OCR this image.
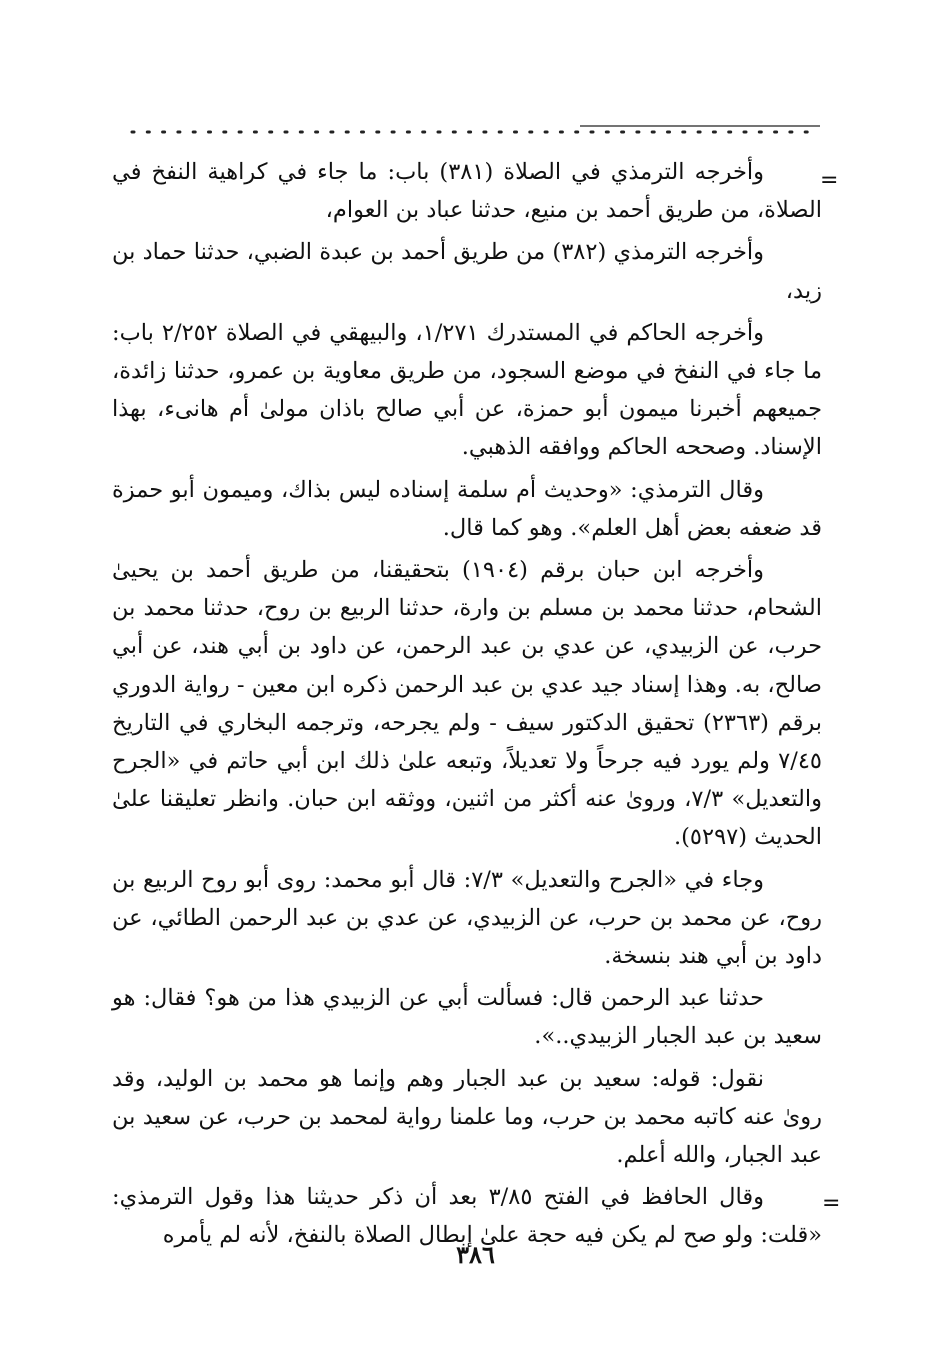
=

وأخرجه الترمذي في الصلاة (٣٨١) باب: ما جاء في كراهية النفخ في الصلاة، من طريق أحمد بن منيع، حدثنا عباد بن العوام،

وأخرجه الترمذي (٣٨٢) من طريق أحمد بن عبدة الضبي، حدثنا حماد بن زيد،

وأخرجه الحاكم في المستدرك ١/٢٧١، والبيهقي في الصلاة ٢/٢٥٢ باب: ما جاء في النفخ في موضع السجود، من طريق معاوية بن عمرو، حدثنا زائدة، جميعهم أخبرنا ميمون أبو حمزة، عن أبي صالح باذان مولىٰ أم هانىء، بهذا الإسناد. وصححه الحاكم ووافقه الذهبي.

وقال الترمذي: «وحديث أم سلمة إسناده ليس بذاك، وميمون أبو حمزة قد ضعفه بعض أهل العلم». وهو كما قال.

وأخرجه ابن حبان برقم (١٩٠٤) بتحقيقنا، من طريق أحمد بن يحيىٰ الشحام، حدثنا محمد بن مسلم بن وارة، حدثنا الربيع بن روح، حدثنا محمد بن حرب، عن الزبيدي، عن عدي بن عبد الرحمن، عن داود بن أبي هند، عن أبي صالح، به. وهذا إسناد جيد عدي بن عبد الرحمن ذكره ابن معين - رواية الدوري برقم (٢٣٦٣) تحقيق الدكتور سيف - ولم يجرحه، وترجمه البخاري في التاريخ ٧/٤٥ ولم يورد فيه جرحاً ولا تعديلاً، وتبعه علىٰ ذلك ابن أبي حاتم في «الجرح والتعديل» ٧/٣، وروىٰ عنه أكثر من اثنين، ووثقه ابن حبان. وانظر تعليقنا علىٰ الحديث (٥٢٩٧).

وجاء في «الجرح والتعديل» ٧/٣: قال أبو محمد: روى أبو روح الربيع بن روح، عن محمد بن حرب، عن الزبيدي، عن عدي بن عبد الرحمن الطائي، عن داود بن أبي هند بنسخة.

حدثنا عبد الرحمن قال: فسألت أبي عن الزبيدي هذا من هو؟ فقال: هو سعيد بن عبد الجبار الزبيدي..».

نقول: قوله: سعيد بن عبد الجبار وهم وإنما هو محمد بن الوليد، وقد روىٰ عنه كاتبه محمد بن حرب، وما علمنا رواية لمحمد بن حرب، عن سعيد بن عبد الجبار، والله أعلم.

وقال الحافظ في الفتح ٣/٨٥ بعد أن ذكر حديثنا هذا وقول الترمذي: «قلت: ولو صح لم يكن فيه حجة علىٰ إبطال الصلاة بالنفخ، لأنه لم يأمره

=
٣٨٦
